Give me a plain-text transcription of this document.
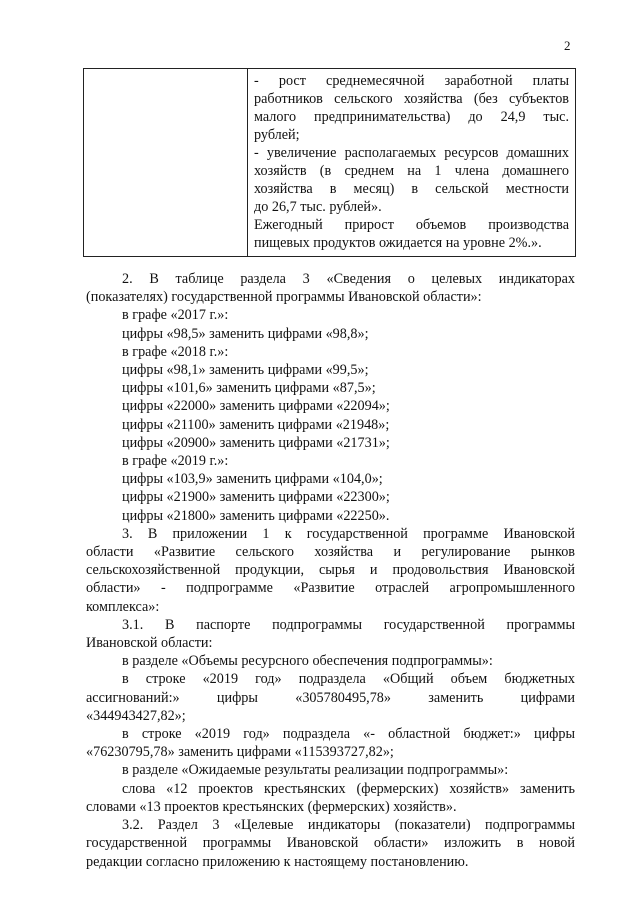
2

- рост среднемесячной заработной платы
работников сельского хозяйства (без субъектов
малого предпринимательства) до 24,9 тыс.
рублей;
- увеличение располагаемых ресурсов домашних
хозяйств (в среднем на 1 члена домашнего
хозяйства в месяц) в сельской местности
до 26,7 тыс. рублей».
Ежегодный прирост объемов производства
пищевых продуктов ожидается на уровне 2%.».
2. В таблице раздела 3 «Сведения о целевых индикаторах
(показателях) государственной программы Ивановской области»:
в графе «2017 г.»:
цифры «98,5» заменить цифрами «98,8»;
в графе «2018 г.»:
цифры «98,1» заменить цифрами «99,5»;
цифры «101,6» заменить цифрами «87,5»;
цифры «22000» заменить цифрами «22094»;
цифры «21100» заменить цифрами «21948»;
цифры «20900» заменить цифрами «21731»;
в графе «2019 г.»:
цифры «103,9» заменить цифрами «104,0»;
цифры «21900» заменить цифрами «22300»;
цифры «21800» заменить цифрами «22250».
3. В приложении 1 к государственной программе Ивановской
области «Развитие сельского хозяйства и регулирование рынков
сельскохозяйственной продукции, сырья и продовольствия Ивановской
области» - подпрограмме «Развитие отраслей агропромышленного
комплекса»:
3.1. В паспорте подпрограммы государственной программы
Ивановской области:
в разделе «Объемы ресурсного обеспечения подпрограммы»:
в строке «2019 год» подраздела «Общий объем бюджетных
ассигнований:» цифры «305780495,78» заменить цифрами
«344943427,82»;
в строке «2019 год» подраздела «- областной бюджет:» цифры
«76230795,78» заменить цифрами «115393727,82»;
в разделе «Ожидаемые результаты реализации подпрограммы»:
слова «12 проектов крестьянских (фермерских) хозяйств» заменить
словами «13 проектов крестьянских (фермерских) хозяйств».
3.2. Раздел 3 «Целевые индикаторы (показатели) подпрограммы
государственной программы Ивановской области» изложить в новой
редакции согласно приложению к настоящему постановлению.
